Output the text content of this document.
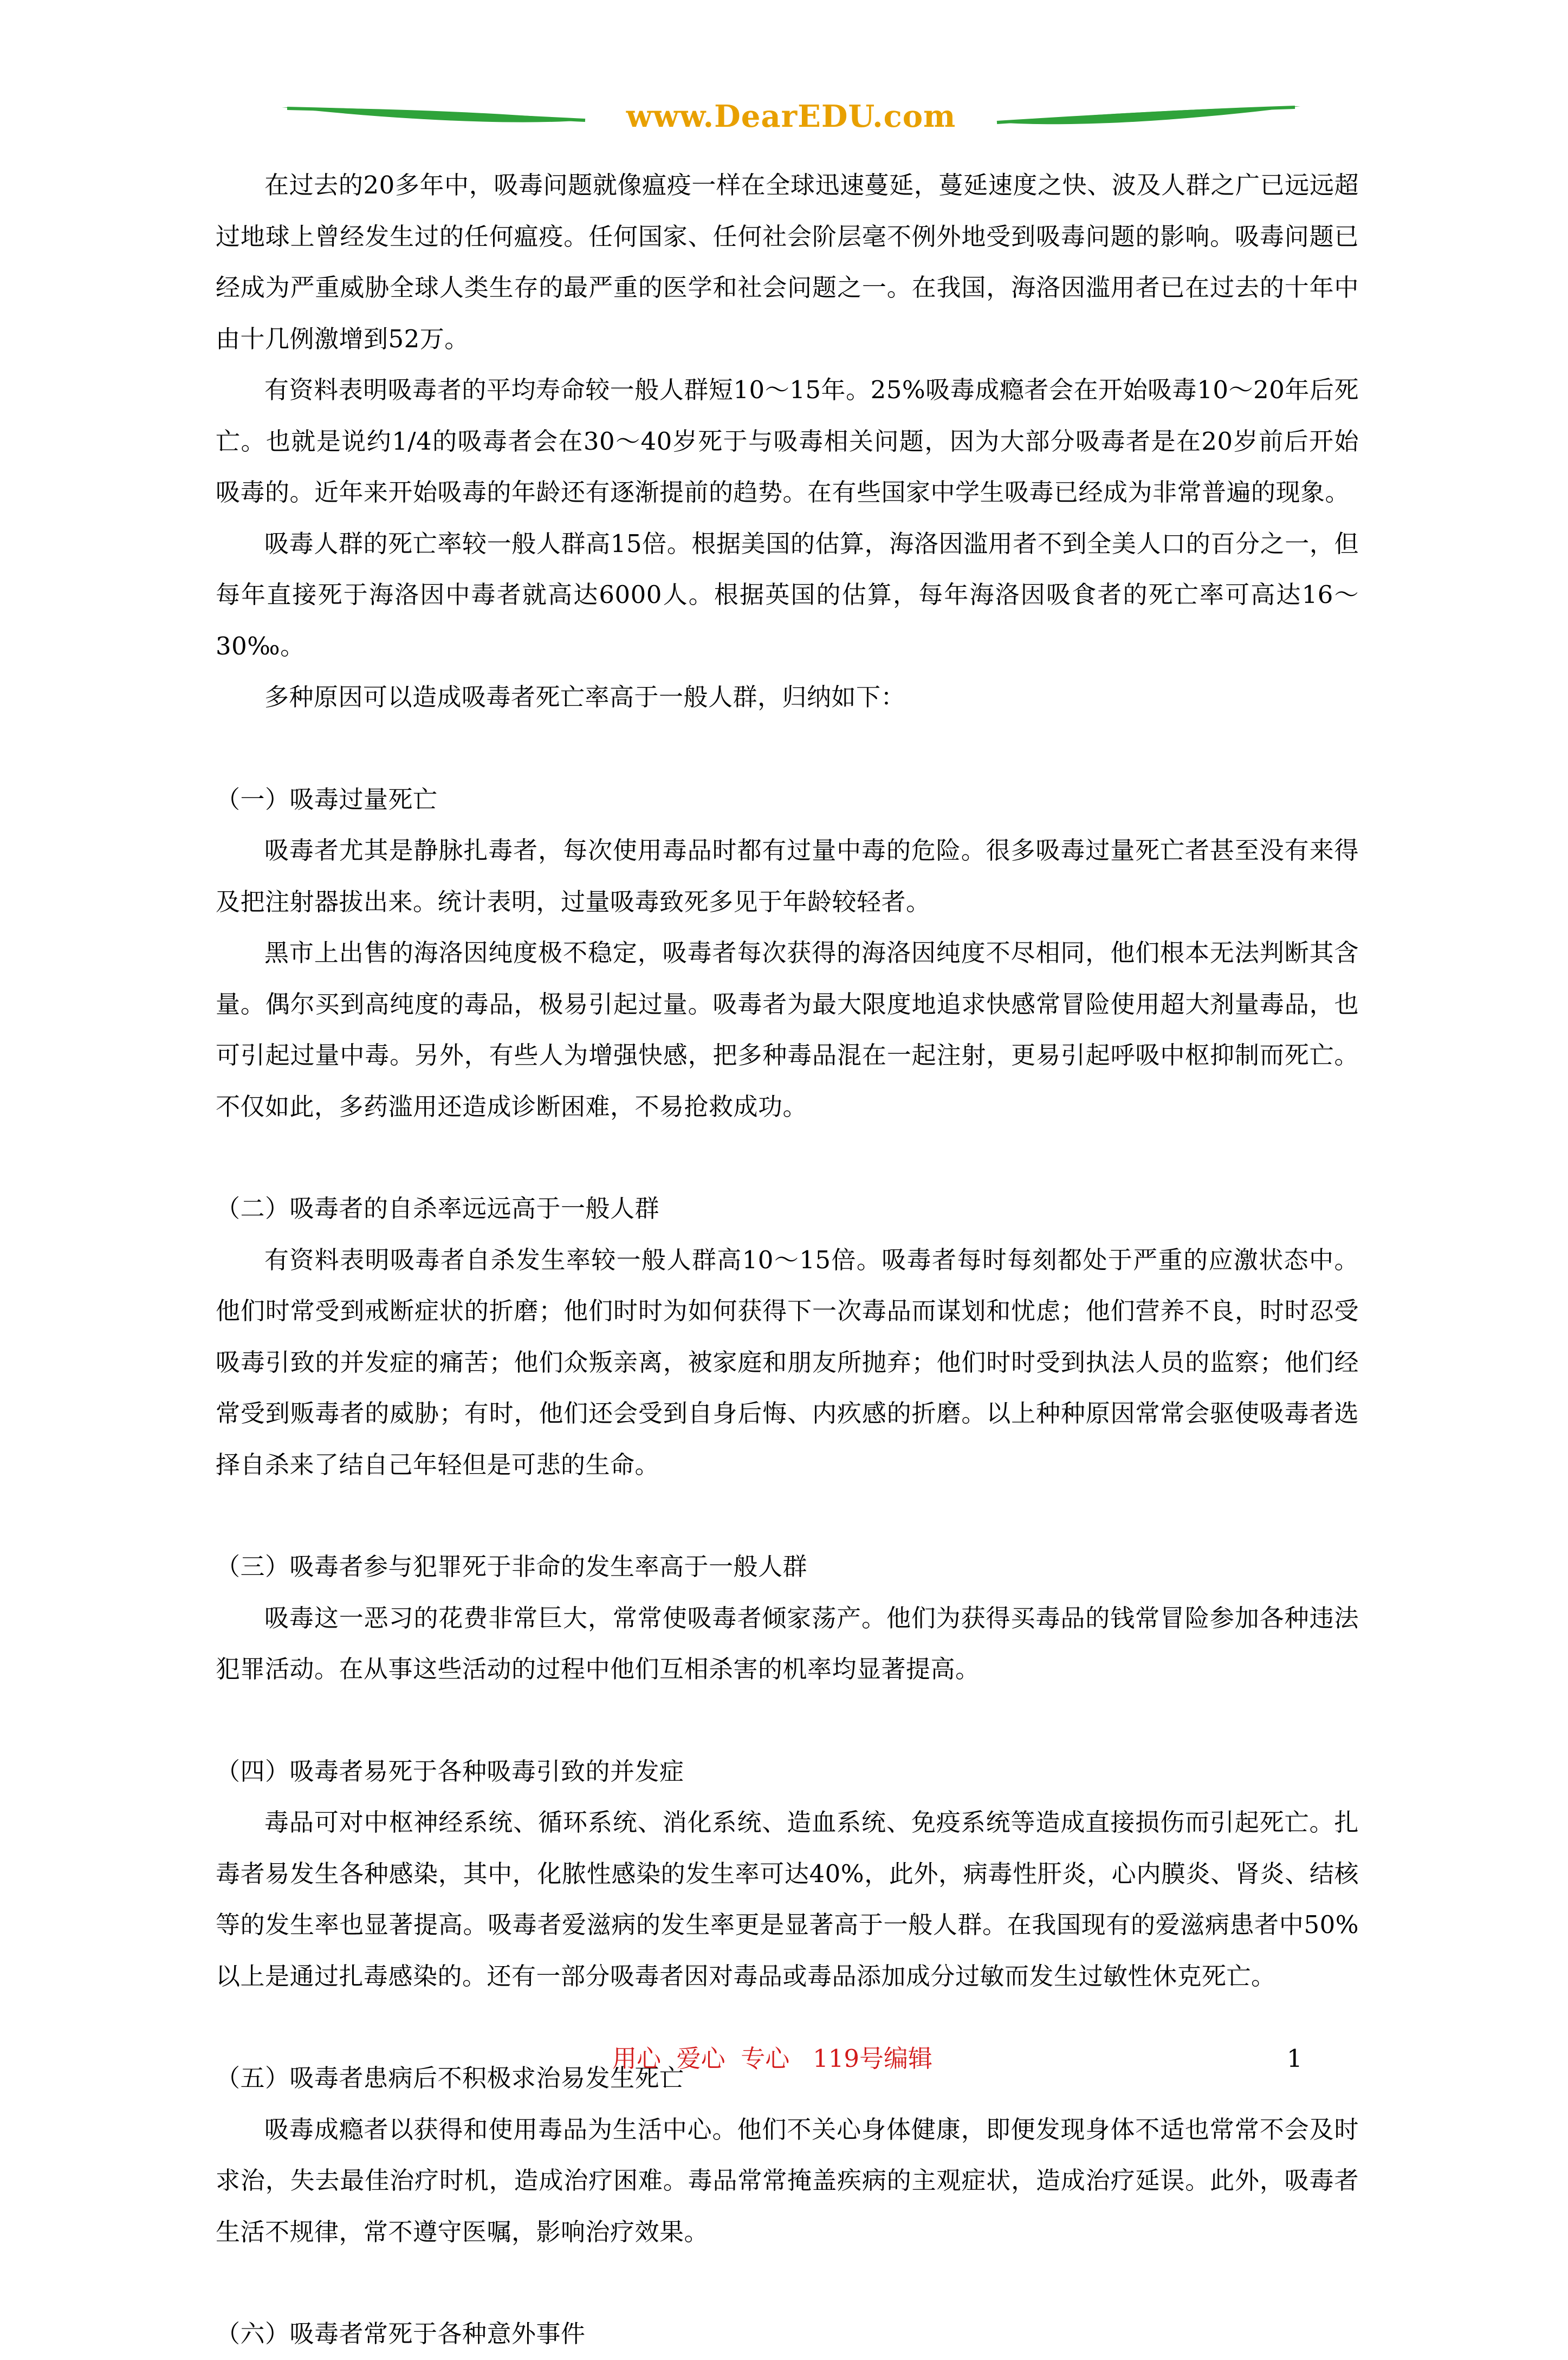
www.DearEDU.com

在过去的20多年中，吸毒问题就像瘟疫一样在全球迅速蔓延，蔓延速度之快、波及人群之广已远远超过地球上曾经发生过的任何瘟疫。任何国家、任何社会阶层毫不例外地受到吸毒问题的影响。吸毒问题已经成为严重威胁全球人类生存的最严重的医学和社会问题之一。在我国，海洛因滥用者已在过去的十年中由十几例激增到52万。

有资料表明吸毒者的平均寿命较一般人群短10～15年。25%吸毒成瘾者会在开始吸毒10～20年后死亡。也就是说约1/4的吸毒者会在30～40岁死于与吸毒相关问题，因为大部分吸毒者是在20岁前后开始吸毒的。近年来开始吸毒的年龄还有逐渐提前的趋势。在有些国家中学生吸毒已经成为非常普遍的现象。

吸毒人群的死亡率较一般人群高15倍。根据美国的估算，海洛因滥用者不到全美人口的百分之一，但每年直接死于海洛因中毒者就高达6000人。根据英国的估算，每年海洛因吸食者的死亡率可高达16～30‰。

多种原因可以造成吸毒者死亡率高于一般人群，归纳如下：

（一）吸毒过量死亡

吸毒者尤其是静脉扎毒者，每次使用毒品时都有过量中毒的危险。很多吸毒过量死亡者甚至没有来得及把注射器拔出来。统计表明，过量吸毒致死多见于年龄较轻者。

黑市上出售的海洛因纯度极不稳定，吸毒者每次获得的海洛因纯度不尽相同，他们根本无法判断其含量。偶尔买到高纯度的毒品，极易引起过量。吸毒者为最大限度地追求快感常冒险使用超大剂量毒品，也可引起过量中毒。另外，有些人为增强快感，把多种毒品混在一起注射，更易引起呼吸中枢抑制而死亡。不仅如此，多药滥用还造成诊断困难，不易抢救成功。

（二）吸毒者的自杀率远远高于一般人群

有资料表明吸毒者自杀发生率较一般人群高10～15倍。吸毒者每时每刻都处于严重的应激状态中。他们时常受到戒断症状的折磨；他们时时为如何获得下一次毒品而谋划和忧虑；他们营养不良，时时忍受吸毒引致的并发症的痛苦；他们众叛亲离，被家庭和朋友所抛弃；他们时时受到执法人员的监察；他们经常受到贩毒者的威胁；有时，他们还会受到自身后悔、内疚感的折磨。以上种种原因常常会驱使吸毒者选择自杀来了结自己年轻但是可悲的生命。

（三）吸毒者参与犯罪死于非命的发生率高于一般人群

吸毒这一恶习的花费非常巨大，常常使吸毒者倾家荡产。他们为获得买毒品的钱常冒险参加各种违法犯罪活动。在从事这些活动的过程中他们互相杀害的机率均显著提高。

（四）吸毒者易死于各种吸毒引致的并发症

毒品可对中枢神经系统、循环系统、消化系统、造血系统、免疫系统等造成直接损伤而引起死亡。扎毒者易发生各种感染，其中，化脓性感染的发生率可达40%，此外，病毒性肝炎，心内膜炎、肾炎、结核等的发生率也显著提高。吸毒者爱滋病的发生率更是显著高于一般人群。在我国现有的爱滋病患者中50%以上是通过扎毒感染的。还有一部分吸毒者因对毒品或毒品添加成分过敏而发生过敏性休克死亡。

（五）吸毒者患病后不积极求治易发生死亡

吸毒成瘾者以获得和使用毒品为生活中心。他们不关心身体健康，即便发现身体不适也常常不会及时求治，失去最佳治疗时机，造成治疗困难。毒品常常掩盖疾病的主观症状，造成治疗延误。此外，吸毒者生活不规律，常不遵守医嘱，影响治疗效果。

（六）吸毒者常死于各种意外事件
用心  爱心  专心   119号编辑	1
